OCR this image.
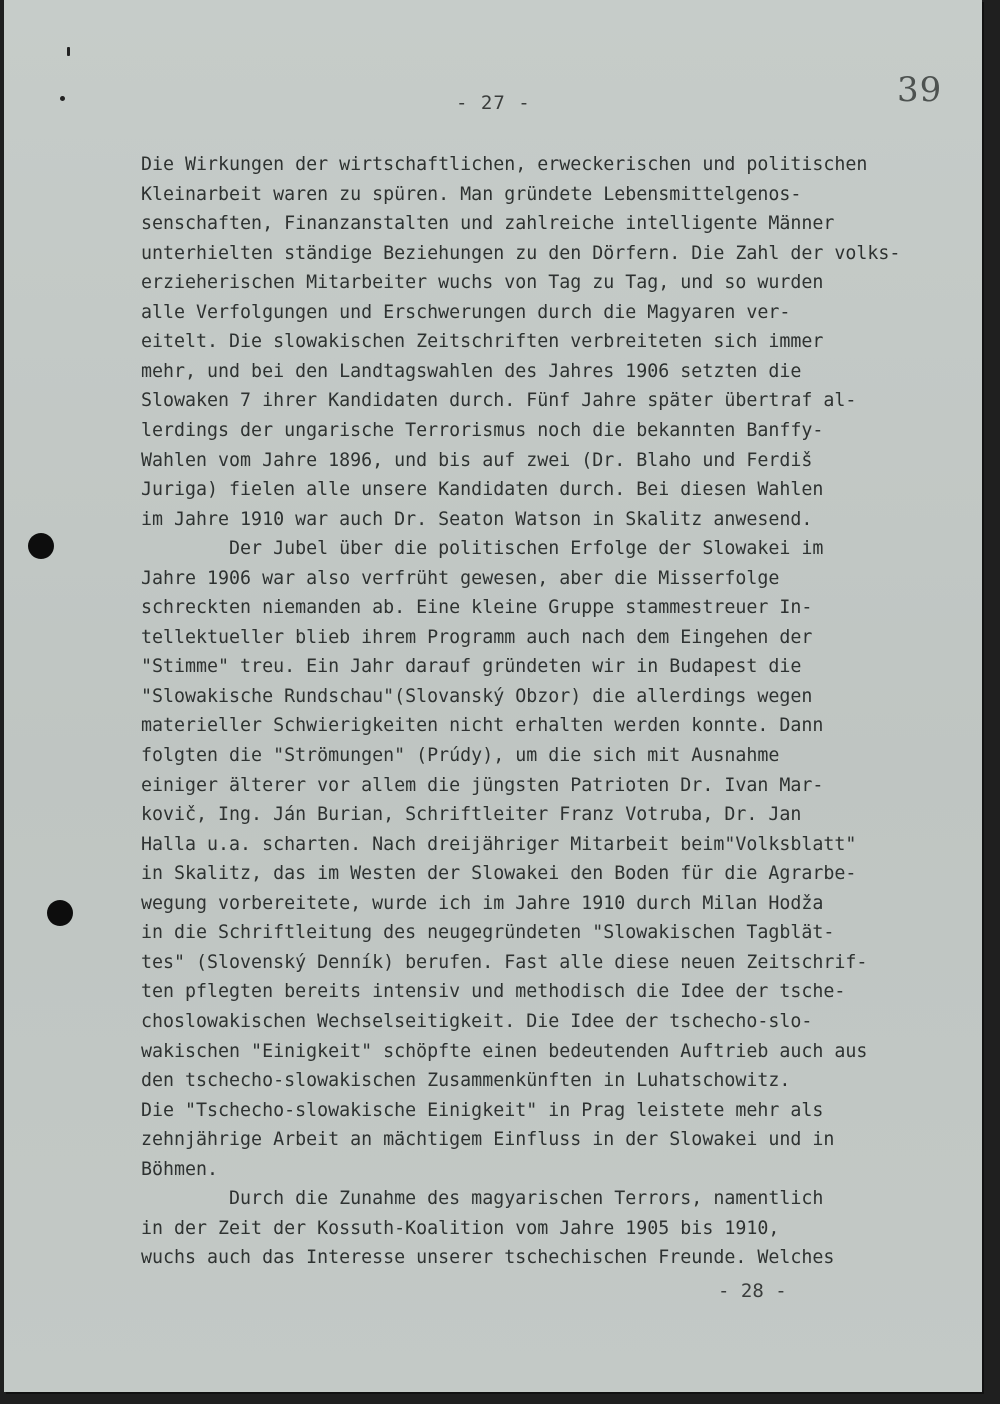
- 27 -	39

Die Wirkungen der wirtschaftlichen, erweckerischen und politischen

Kleinarbeit waren zu spüren. Man gründete Lebensmittelgenos-

senschaften, Finanzanstalten und zahlreiche intelligente Männer

unterhielten ständige Beziehungen zu den Dörfern. Die Zahl der volks-

erzieherischen Mitarbeiter wuchs von Tag zu Tag, und so wurden

alle Verfolgungen und Erschwerungen durch die Magyaren ver-

eitelt. Die slowakischen Zeitschriften verbreiteten sich immer

mehr, und bei den Landtagswahlen des Jahres 1906 setzten die

Slowaken 7 ihrer Kandidaten durch. Fünf Jahre später übertraf al-

lerdings der ungarische Terrorismus noch die bekannten Banffy-

Wahlen vom Jahre 1896, und bis auf zwei (Dr. Blaho und Ferdiš

Juriga) fielen alle unsere Kandidaten durch. Bei diesen Wahlen

im Jahre 1910 war auch Dr. Seaton Watson in Skalitz anwesend.

Der Jubel über die politischen Erfolge der Slowakei im

Jahre 1906 war also verfrüht gewesen, aber die Misserfolge

schreckten niemanden ab. Eine kleine Gruppe stammestreuer In-

tellektueller blieb ihrem Programm auch nach dem Eingehen der

"Stimme" treu. Ein Jahr darauf gründeten wir in Budapest die

"Slowakische Rundschau"(Slovanský Obzor) die allerdings wegen

materieller Schwierigkeiten nicht erhalten werden konnte. Dann

folgten die "Strömungen" (Prúdy), um die sich mit Ausnahme

einiger älterer vor allem die jüngsten Patrioten Dr. Ivan Mar-

kovič, Ing. Ján Burian, Schriftleiter Franz Votruba, Dr. Jan

Halla u.a. scharten. Nach dreijähriger Mitarbeit beim"Volksblatt"

in Skalitz, das im Westen der Slowakei den Boden für die Agrarbe-

wegung vorbereitete, wurde ich im Jahre 1910 durch Milan Hodža

in die Schriftleitung des neugegründeten "Slowakischen Tagblät-

tes" (Slovenský Denník) berufen. Fast alle diese neuen Zeitschrif-

ten pflegten bereits intensiv und methodisch die Idee der tsche-

choslowakischen Wechselseitigkeit. Die Idee der tschecho-slo-

wakischen "Einigkeit" schöpfte einen bedeutenden Auftrieb auch aus

den tschecho-slowakischen Zusammenkünften in Luhatschowitz.

Die "Tschecho-slowakische Einigkeit" in Prag leistete mehr als

zehnjährige Arbeit an mächtigem Einfluss in der Slowakei und in

Böhmen.

Durch die Zunahme des magyarischen Terrors, namentlich

in der Zeit der Kossuth-Koalition vom Jahre 1905 bis 1910,

wuchs auch das Interesse unserer tschechischen Freunde. Welches

- 28 -
